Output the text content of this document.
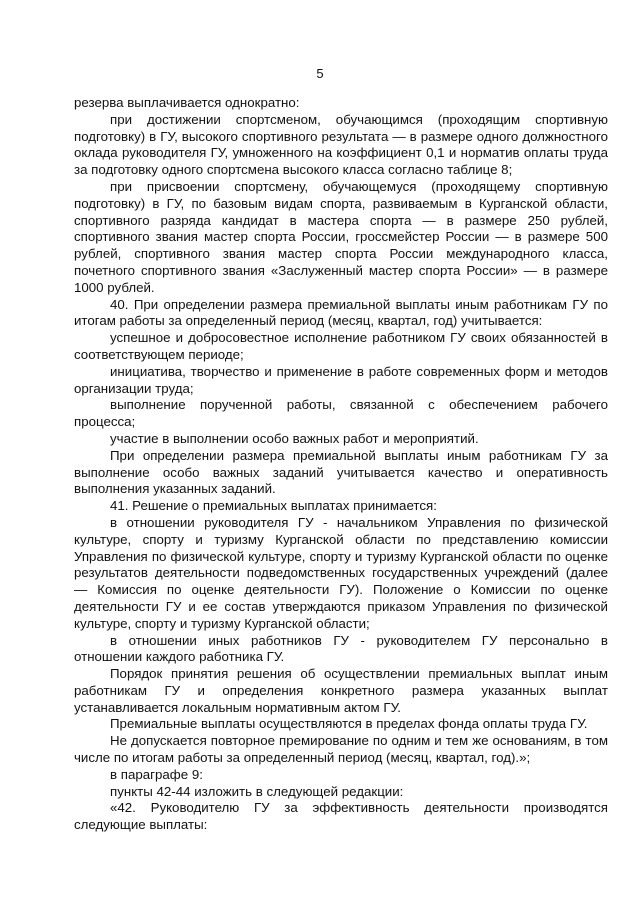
5

резерва выплачивается однократно:

при достижении спортсменом, обучающимся (проходящим спортивную подготовку) в ГУ, высокого спортивного результата — в размере одного должностного оклада руководителя ГУ, умноженного на коэффициент 0,1 и норматив оплаты труда за подготовку одного спортсмена высокого класса согласно таблице 8;

при присвоении спортсмену, обучающемуся (проходящему спортивную подготовку) в ГУ, по базовым видам спорта, развиваемым в Курганской области, спортивного разряда кандидат в мастера спорта — в размере 250 рублей, спортивного звания мастер спорта России, гроссмейстер России — в размере 500 рублей, спортивного звания мастер спорта России международного класса, почетного спортивного звания «Заслуженный мастер спорта России» — в размере 1000 рублей.

40. При определении размера премиальной выплаты иным работникам ГУ по итогам работы за определенный период (месяц, квартал, год) учитывается:

успешное и добросовестное исполнение работником ГУ своих обязанностей в соответствующем периоде;

инициатива, творчество и применение в работе современных форм и методов организации труда;

выполнение порученной работы, связанной с обеспечением рабочего процесса;

участие в выполнении особо важных работ и мероприятий.

При определении размера премиальной выплаты иным работникам ГУ за выполнение особо важных заданий учитывается качество и оперативность выполнения указанных заданий.

41. Решение о премиальных выплатах принимается:

в отношении руководителя ГУ - начальником Управления по физической культуре, спорту и туризму Курганской области по представлению комиссии Управления по физической культуре, спорту и туризму Курганской области по оценке результатов деятельности подведомственных государственных учреждений (далее — Комиссия по оценке деятельности ГУ). Положение о Комиссии по оценке деятельности ГУ и ее состав утверждаются приказом Управления по физической культуре, спорту и туризму Курганской области;

в отношении иных работников ГУ - руководителем ГУ персонально в отношении каждого работника ГУ.

Порядок принятия решения об осуществлении премиальных выплат иным работникам ГУ и определения конкретного размера указанных выплат устанавливается локальным нормативным актом ГУ.

Премиальные выплаты осуществляются в пределах фонда оплаты труда ГУ.

Не допускается повторное премирование по одним и тем же основаниям, в том числе по итогам работы за определенный период (месяц, квартал, год).»;

в параграфе 9:

пункты 42-44 изложить в следующей редакции:

«42. Руководителю ГУ за эффективность деятельности производятся следующие выплаты:
